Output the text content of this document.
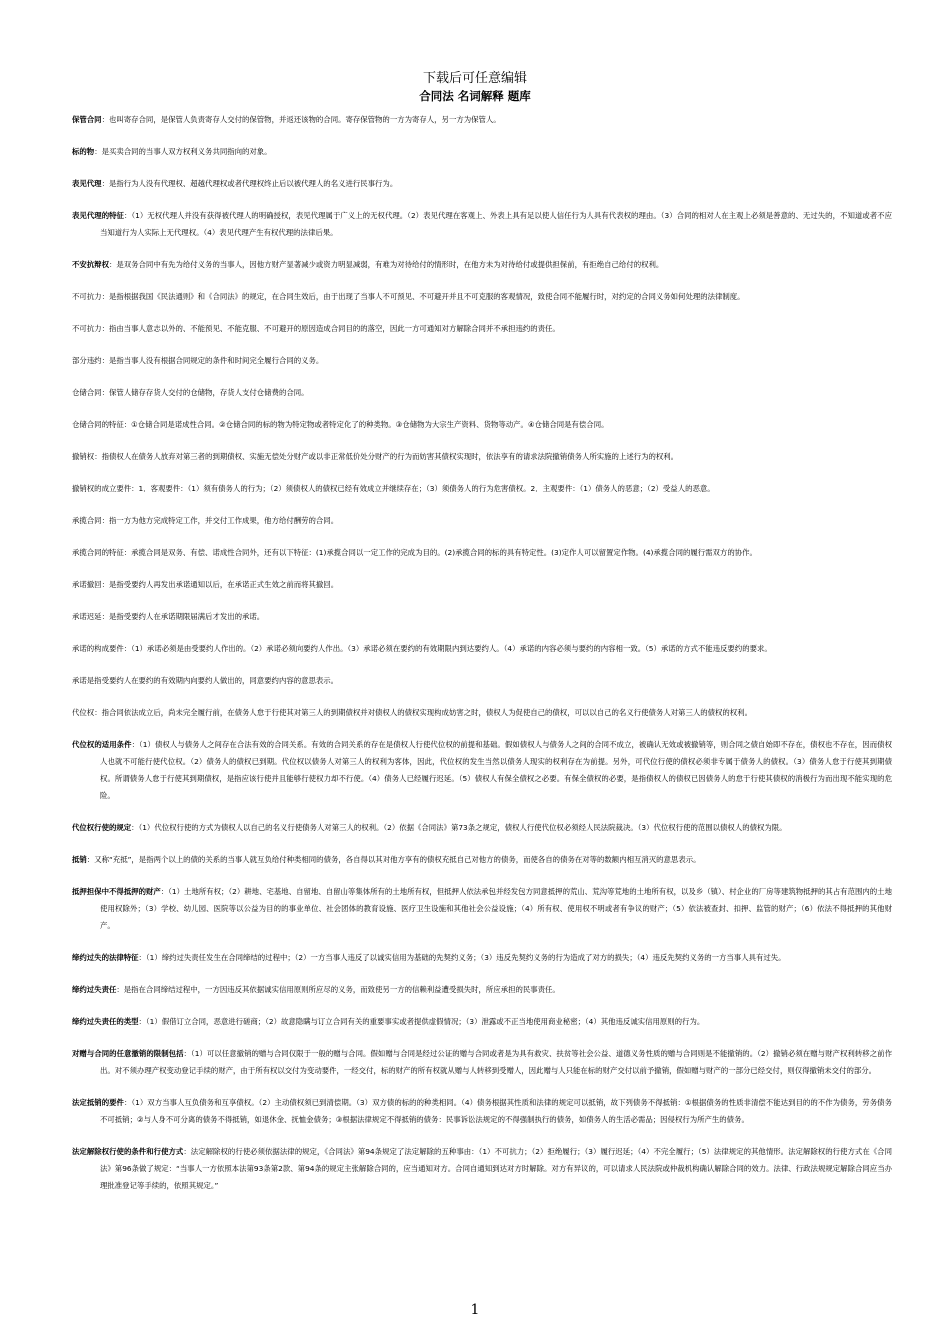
下载后可任意编辑
合同法 名词解释 题库

保管合同：也叫寄存合同，是保管人负责寄存人交付的保管物，并返还该物的合同。寄存保管物的一方为寄存人，另一方为保管人。

标的物：是买卖合同的当事人双方权利义务共同指向的对象。

表见代理：是指行为人没有代理权、超越代理权或者代理权终止后以被代理人的名义进行民事行为。

表见代理的特征：（1）无权代理人并没有获得被代理人的明确授权，表见代理属于广义上的无权代理。（2）表见代理在客观上、外表上具有足以使人信任行为人具有代表权的理由。（3）合同的相对人在主观上必须是善意的、无过失的，不知道或者不应当知道行为人实际上无代理权。（4）表见代理产生有权代理的法律后果。

不安抗辩权：是双务合同中有先为给付义务的当事人，因他方财产显著减少或资力明显减弱，有难为对待给付的情形时，在他方未为对待给付或提供担保前，有拒绝自己给付的权利。

不可抗力：是指根据我国《民法通则》和《合同法》的规定，在合同生效后，由于出现了当事人不可预见、不可避开并且不可克服的客观情况，致使合同不能履行时，对约定的合同义务如何处理的法律制度。

不可抗力：指由当事人意志以外的、不能预见、不能克服、不可避开的原因造成合同目的的落空，因此一方可通知对方解除合同并不承担违约的责任。

部分违约：是指当事人没有根据合同规定的条件和时间完全履行合同的义务。

仓储合同：保管人储存存货人交付的仓储物，存货人支付仓储费的合同。

仓储合同的特征：①仓储合同是诺成性合同。②仓储合同的标的物为特定物或者特定化了的种类物。③仓储物为大宗生产资料、货物等动产。④仓储合同是有偿合同。

撤销权：指债权人在债务人放弃对第三者的到期债权、实施无偿处分财产或以非正常低价处分财产的行为而妨害其债权实现时，依法享有的请求法院撤销债务人所实施的上述行为的权利。

撤销权的成立要件：1．客观要件：（1）须有债务人的行为；（2）须债权人的债权已经有效成立并继续存在；（3）须债务人的行为危害债权。2．主观要件：（1）债务人的恶意；（2）受益人的恶意。

承揽合同：指一方为他方完成特定工作，并交付工作成果，他方给付酬劳的合同。

承揽合同的特征：承揽合同是双务、有偿、诺成性合同外，还有以下特征：(1)承揽合同以一定工作的完成为目的。(2)承揽合同的标的具有特定性。(3)定作人可以留置定作物。(4)承揽合同的履行需双方的协作。

承诺撤回：是指受要约人再发出承诺通知以后，在承诺正式生效之前而将其撤回。

承诺迟延：是指受要约人在承诺期限届满后才发出的承诺。

承诺的构成要件：（1）承诺必须是由受要约人作出的。（2）承诺必须向要约人作出。（3）承诺必须在要约的有效期限内到达要约人。（4）承诺的内容必须与要约的内容相一致。（5）承诺的方式不能违反要约的要求。

承诺是指受要约人在要约的有效期内向要约人做出的，同意要约内容的意思表示。

代位权：指合同依法成立后，尚未完全履行前，在债务人怠于行使其对第三人的到期债权并对债权人的债权实现构成妨害之时，债权人为促使自己的债权，可以以自己的名义行使债务人对第三人的债权的权利。

代位权的适用条件：（1）债权人与债务人之间存在合法有效的合同关系。有效的合同关系的存在是债权人行使代位权的前提和基础。假如债权人与债务人之间的合同不成立，被确认无效或被撤销等，则合同之债自始即不存在，债权也不存在，因而债权人也就不可能行使代位权。（2）债务人的债权已到期。代位权以债务人对第三人的权利为客体，因此，代位权的发生当然以债务人现实的权利存在为前提。另外，可代位行使的债权必须非专属于债务人的债权。（3）债务人怠于行使其到期债权。所谓债务人怠于行使其到期债权，是指应该行使并且能够行使权力却不行使。（4）债务人已经履行迟延。（5）债权人有保全债权之必要。有保全债权的必要，是指债权人的债权已因债务人的怠于行使其债权的消极行为而出现不能实现的危险。

代位权行使的规定：（1）代位权行使的方式为债权人以自己的名义行使债务人对第三人的权利。（2）依据《合同法》第73条之规定，债权人行使代位权必须经人民法院裁决。（3）代位权行使的范围以债权人的债权为限。

抵销：又称“充抵”，是指两个以上的债的关系的当事人就互负给付种类相同的债务，各自得以其对他方享有的债权充抵自己对他方的债务，而使各自的债务在对等的数额内相互消灭的意思表示。

抵押担保中不得抵押的财产：（1）土地所有权；（2）耕地、宅基地、自留地、自留山等集体所有的土地所有权，但抵押人依法承包并经发包方同意抵押的荒山、荒沟等荒地的土地所有权，以及乡（镇）、村企业的厂房等建筑物抵押的其占有范围内的土地使用权除外；（3）学校、幼儿园、医院等以公益为目的的事业单位、社会团体的教育设施、医疗卫生设施和其他社会公益设施；（4）所有权、使用权不明或者有争议的财产；（5）依法被查封、扣押、监管的财产；（6）依法不得抵押的其他财产。

缔约过失的法律特征：（1）缔约过失责任发生在合同缔结的过程中；（2）一方当事人违反了以诚实信用为基础的先契约义务；（3）违反先契约义务的行为造成了对方的损失；（4）违反先契约义务的一方当事人具有过失。

缔约过失责任：是指在合同缔结过程中，一方因违反其依据诚实信用原则所应尽的义务，而致使另一方的信赖利益遭受损失时，所应承担的民事责任。

缔约过失责任的类型：（1）假借订立合同，恶意进行磋商；（2）故意隐瞒与订立合同有关的重要事实或者提供虚假情况；（3）泄露或不正当地使用商业秘密；（4）其他违反诚实信用原则的行为。

对赠与合同的任意撤销的限制包括：（1）可以任意撤销的赠与合同仅限于一般的赠与合同。假如赠与合同是经过公证的赠与合同或者是为具有救灾、扶贫等社会公益、道德义务性质的赠与合同则是不能撤销的。（2）撤销必须在赠与财产权利转移之前作出。对不须办理产权变动登记手续的财产，由于所有权以交付为变动要件，一经交付，标的财产的所有权就从赠与人转移到受赠人，因此赠与人只能在标的财产交付以前予撤销，假如赠与财产的一部分已经交付，则仅得撤销未交付的部分。

法定抵销的要件：（1）双方当事人互负债务和互享债权。（2）主动债权须已到清偿期。（3）双方债的标的的种类相同。（4）债务根据其性质和法律的规定可以抵销，故下列债务不得抵销：①根据债务的性质非清偿不能达到目的的不作为债务，劳务债务不可抵销；②与人身不可分离的债务不得抵销，如退休金、抚恤金债务；③根据法律规定不得抵销的债务：民事诉讼法规定的不得强制执行的债务，如债务人的生活必需品；因侵权行为所产生的债务。

法定解除权行使的条件和行使方式：法定解除权的行使必须依据法律的规定，《合同法》第94条规定了法定解除的五种事由：（1）不可抗力；（2）拒绝履行；（3）履行迟延；（4）不完全履行；（5）法律规定的其他情形。法定解除权的行使方式在《合同法》第96条做了规定：“当事人一方依照本法第93条第2款、第94条的规定主张解除合同的，应当通知对方。合同自通知到达对方时解除。对方有异议的，可以请求人民法院或仲裁机构确认解除合同的效力。法律、行政法规规定解除合同应当办理批准登记等手续的，依照其规定。”

1
